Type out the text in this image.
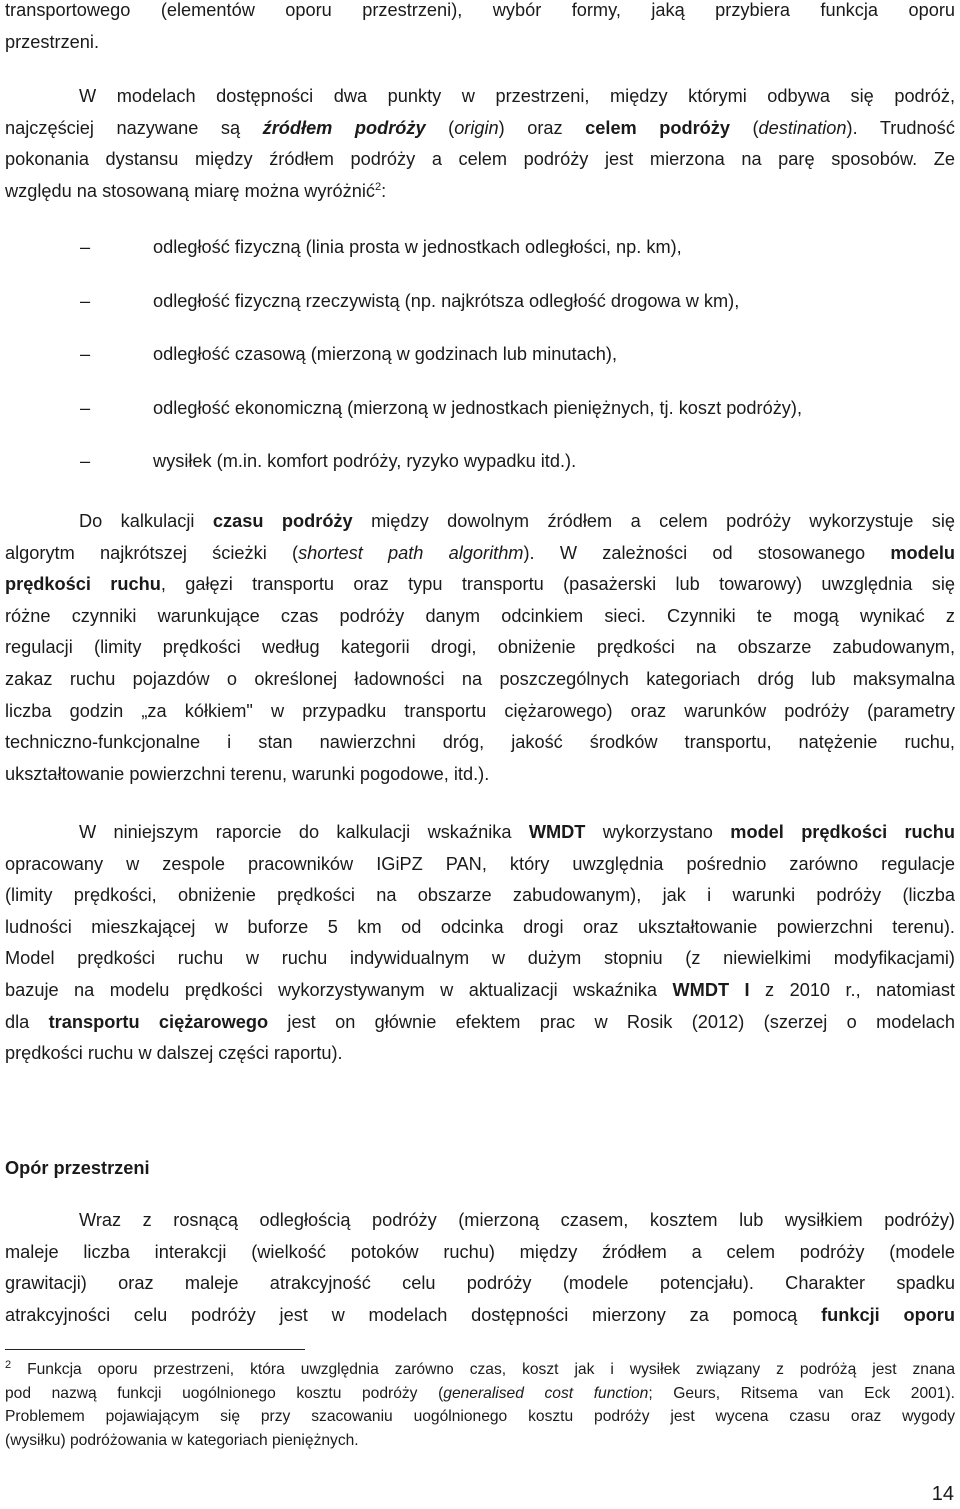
transportowego (elementów oporu przestrzeni), wybór formy, jaką przybiera funkcja oporu
przestrzeni.

W modelach dostępności dwa punkty w przestrzeni, między którymi odbywa się podróż,
najczęściej nazywane są źródłem podróży (origin) oraz celem podróży (destination). Trudność
pokonania dystansu między źródłem podróży a celem podróży jest mierzona na parę sposobów. Ze
względu na stosowaną miarę można wyróżnić$^2$:

–	odległość fizyczną (linia prosta w jednostkach odległości, np. km),
–	odległość fizyczną rzeczywistą (np. najkrótsza odległość drogowa w km),
–	odległość czasową (mierzoną w godzinach lub minutach),
–	odległość ekonomiczną (mierzoną w jednostkach pieniężnych, tj. koszt podróży),
–	wysiłek (m.in. komfort podróży, ryzyko wypadku itd.).

Do kalkulacji czasu podróży między dowolnym źródłem a celem podróży wykorzystuje się
algorytm najkrótszej ścieżki (shortest path algorithm). W zależności od stosowanego modelu
prędkości ruchu, gałęzi transportu oraz typu transportu (pasażerski lub towarowy) uwzględnia się
różne czynniki warunkujące czas podróży danym odcinkiem sieci. Czynniki te mogą wynikać z
regulacji (limity prędkości według kategorii drogi, obniżenie prędkości na obszarze zabudowanym,
zakaz ruchu pojazdów o określonej ładowności na poszczególnych kategoriach dróg lub maksymalna
liczba godzin „za kółkiem" w przypadku transportu ciężarowego) oraz warunków podróży (parametry
techniczno-funkcjonalne i stan nawierzchni dróg, jakość środków transportu, natężenie ruchu,
ukształtowanie powierzchni terenu, warunki pogodowe, itd.).

W niniejszym raporcie do kalkulacji wskaźnika WMDT wykorzystano model prędkości ruchu
opracowany w zespole pracowników IGiPZ PAN, który uwzględnia pośrednio zarówno regulacje
(limity prędkości, obniżenie prędkości na obszarze zabudowanym), jak i warunki podróży (liczba
ludności mieszkającej w buforze 5 km od odcinka drogi oraz ukształtowanie powierzchni terenu).
Model prędkości ruchu w ruchu indywidualnym w dużym stopniu (z niewielkimi modyfikacjami)
bazuje na modelu prędkości wykorzystywanym w aktualizacji wskaźnika WMDT I z 2010 r., natomiast
dla transportu ciężarowego jest on głównie efektem prac w Rosik (2012) (szerzej o modelach
prędkości ruchu w dalszej części raportu).

Opór przestrzeni

Wraz z rosnącą odległością podróży (mierzoną czasem, kosztem lub wysiłkiem podróży)
maleje liczba interakcji (wielkość potoków ruchu) między źródłem a celem podróży (modele
grawitacji) oraz maleje atrakcyjność celu podróży (modele potencjału). Charakter spadku
atrakcyjności celu podróży jest w modelach dostępności mierzony za pomocą funkcji oporu

$^2$ Funkcja oporu przestrzeni, która uwzględnia zarówno czas, koszt jak i wysiłek związany z podróżą jest znana
pod nazwą funkcji uogólnionego kosztu podróży (generalised cost function; Geurs, Ritsema van Eck 2001).
Problemem pojawiającym się przy szacowaniu uogólnionego kosztu podróży jest wycena czasu oraz wygody
(wysiłku) podróżowania w kategoriach pieniężnych.

14
